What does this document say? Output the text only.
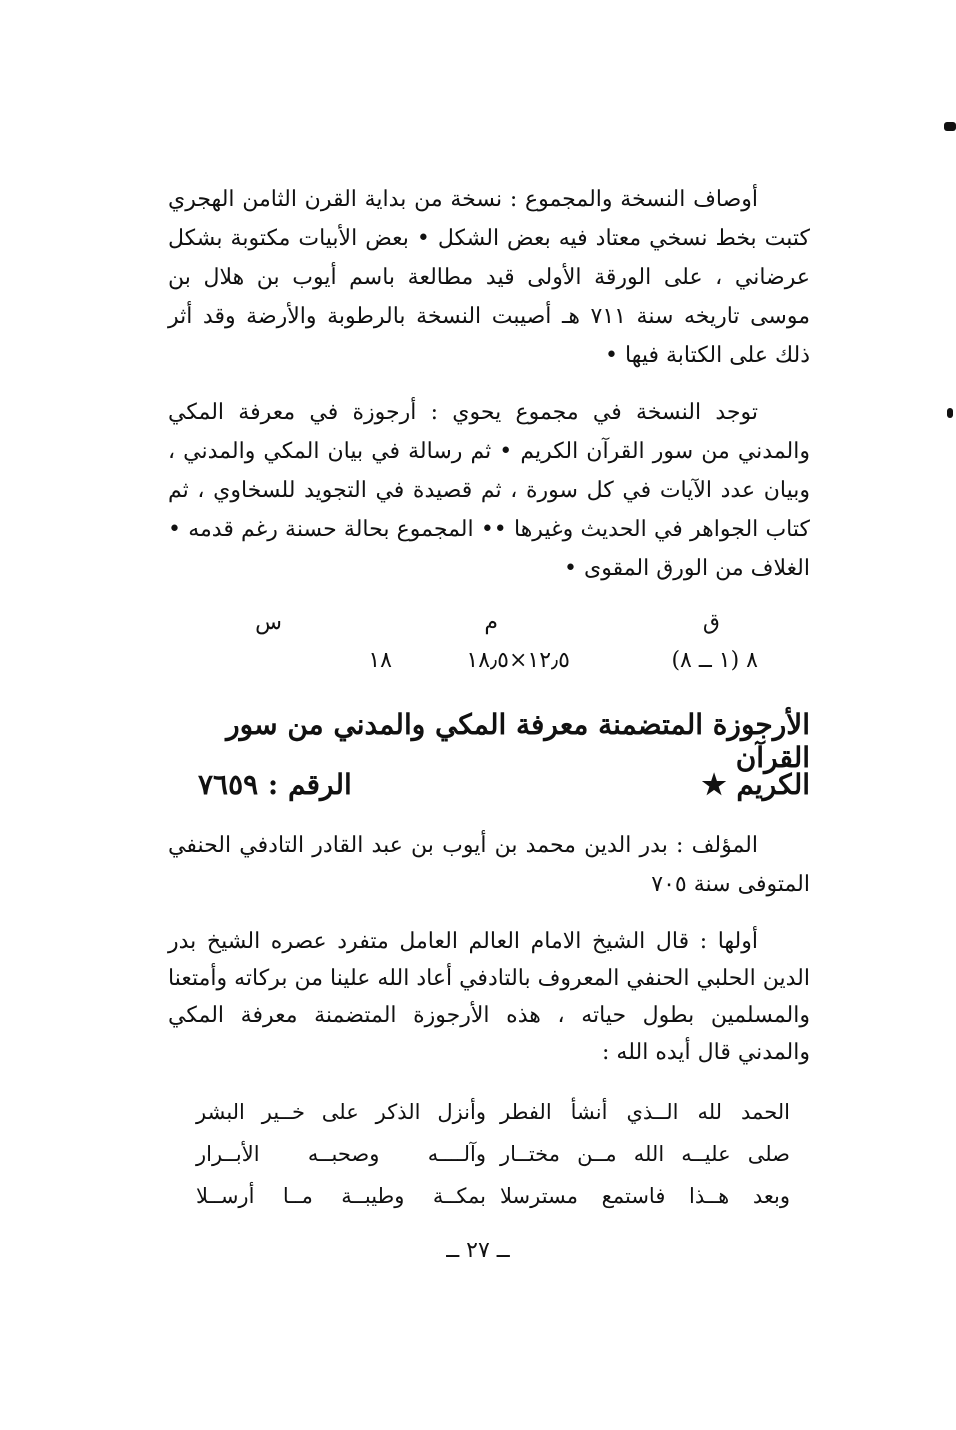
أوصاف النسخة والمجموع : نسخة من بداية القرن الثامن الهجري كتبت بخط نسخي معتاد فيه بعض الشكل • بعض الأبيات مكتوبة بشكل عرضاني ، على الورقة الأولى قيد مطالعة باسم أيوب بن هلال بن موسى تاريخه سنة ٧١١ هـ أصيبت النسخة بالرطوبة والأرضة وقد أثر ذلك على الكتابة فيها •

توجد النسخة في مجموع يحوي : أرجوزة في معرفة المكي والمدني من سور القرآن الكريم • ثم رسالة في بيان المكي والمدني ، وبيان عدد الآيات في كل سورة ، ثم قصيدة في التجويد للسخاوي ، ثم كتاب الجواهر في الحديث وغيرها •• المجموع بحالة حسنة رغم قدمه • الغلاف من الورق المقوى •

ق
م
س
٨ (١ ــ ٨)
١٢٫٥×١٨٫٥
١٨
الأرجوزة المتضمنة معرفة المكي والمدني من سور القرآن
الكريم ★
الرقم : ٧٦٥٩

المؤلف : بدر الدين محمد بن أيوب بن عبد القادر التادفي الحنفي المتوفى سنة ٧٠٥

أولها : قال الشيخ الامام العالم العامل متفرد عصره الشيخ بدر الدين الحلبي الحنفي المعروف بالتادفي أعاد الله علينا من بركاته وأمتعنا والمسلمين بطول حياته ، هذه الأرجوزة المتضمنة معرفة المكي والمدني قال أيده الله :

الحمد لله الــذي أنشأ الفطر
وأنزل الذكر على خــير البشر
صلى عليــه الله مــن مختــار
وآلــــه وصحبــه الأبــرار
وبعد هــذا فاستمع مسترسلا
بمكــة وطيبــة مــا أرســلا
ــ ٢٧ ــ
